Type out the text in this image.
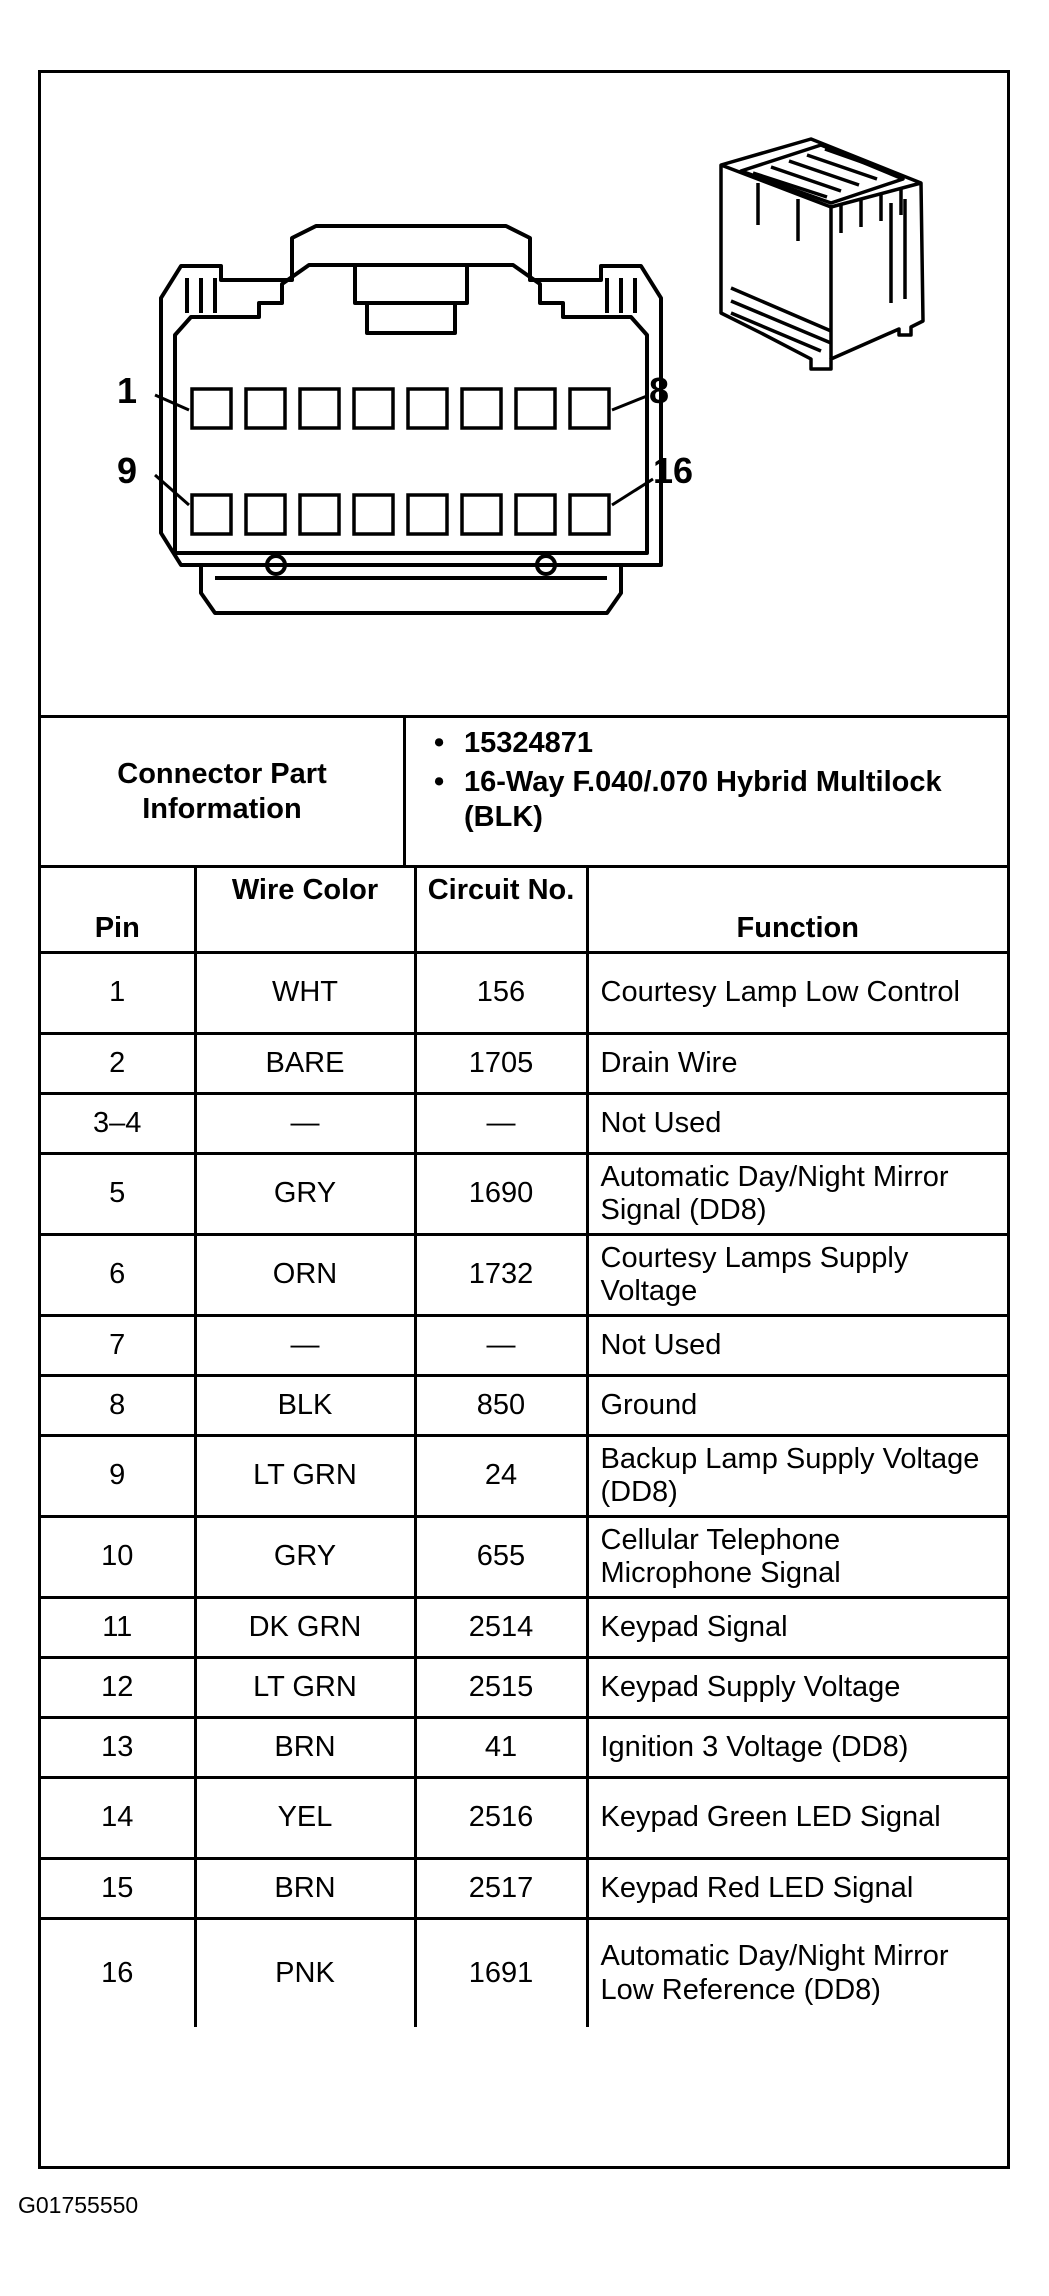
1	8
9	16
Connector Part Information
• 15324871
• 16-Way F.040/.070 Hybrid Multilock (BLK)
Pin	Wire Color	Circuit No.	Function
1	WHT	156	Courtesy Lamp Low Control
2	BARE	1705	Drain Wire
3–4	—	—	Not Used
5	GRY	1690	Automatic Day/Night Mirror Signal (DD8)
6	ORN	1732	Courtesy Lamps Supply Voltage
7	—	—	Not Used
8	BLK	850	Ground
9	LT GRN	24	Backup Lamp Supply Voltage (DD8)
10	GRY	655	Cellular Telephone Microphone Signal
11	DK GRN	2514	Keypad Signal
12	LT GRN	2515	Keypad Supply Voltage
13	BRN	41	Ignition 3 Voltage (DD8)
14	YEL	2516	Keypad Green LED Signal
15	BRN	2517	Keypad Red LED Signal
16	PNK	1691	Automatic Day/Night Mirror Low Reference (DD8)
G01755550
